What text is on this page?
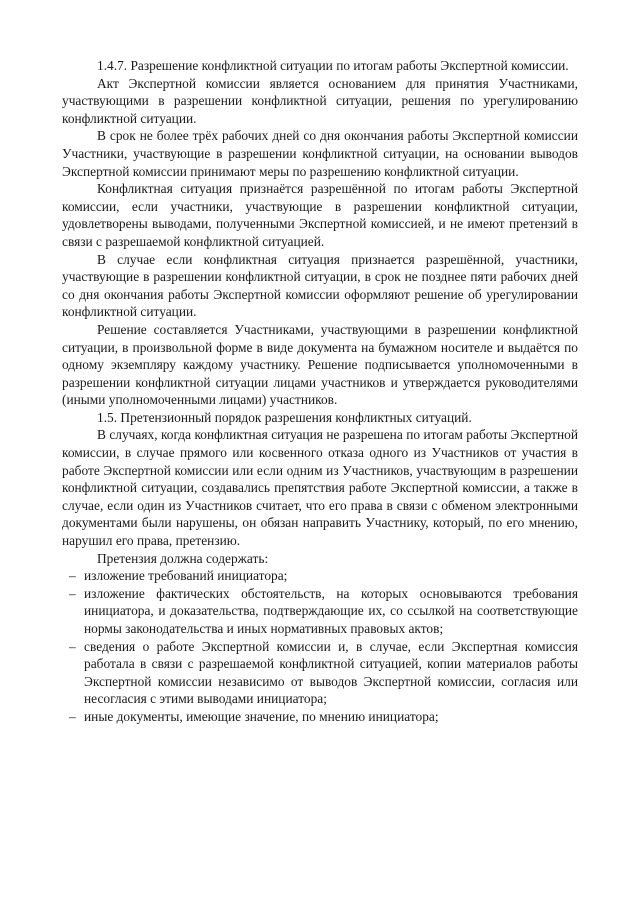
1.4.7. Разрешение конфликтной ситуации по итогам работы Экспертной комиссии.

Акт Экспертной комиссии является основанием для принятия Участниками, участвующими в разрешении конфликтной ситуации, решения по урегулированию конфликтной ситуации.

В срок не более трёх рабочих дней со дня окончания работы Экспертной комиссии Участники, участвующие в разрешении конфликтной ситуации, на основании выводов Экспертной комиссии принимают меры по разрешению конфликтной ситуации.

Конфликтная ситуация признаётся разрешённой по итогам работы Экспертной комиссии, если участники, участвующие в разрешении конфликтной ситуации, удовлетворены выводами, полученными Экспертной комиссией, и не имеют претензий в связи с разрешаемой конфликтной ситуацией.

В случае если конфликтная ситуация признается разрешённой, участники, участвующие в разрешении конфликтной ситуации, в срок не позднее пяти рабочих дней со дня окончания работы Экспертной комиссии оформляют решение об урегулировании конфликтной ситуации.

Решение составляется Участниками, участвующими в разрешении конфликтной ситуации, в произвольной форме в виде документа на бумажном носителе и выдаётся по одному экземпляру каждому участнику. Решение подписывается уполномоченными в разрешении конфликтной ситуации лицами участников и утверждается руководителями (иными уполномоченными лицами) участников.

1.5. Претензионный порядок разрешения конфликтных ситуаций.

В случаях, когда конфликтная ситуация не разрешена по итогам работы Экспертной комиссии, в случае прямого или косвенного отказа одного из Участников от участия в работе Экспертной комиссии или если одним из Участников, участвующим в разрешении конфликтной ситуации, создавались препятствия работе Экспертной комиссии, а также в случае, если один из Участников считает, что его права в связи с обменом электронными документами были нарушены, он обязан направить Участнику, который, по его мнению, нарушил его права, претензию.

Претензия должна содержать:

– изложение требований инициатора;
– изложение фактических обстоятельств, на которых основываются требования инициатора, и доказательства, подтверждающие их, со ссылкой на соответствующие нормы законодательства и иных нормативных правовых актов;
– сведения о работе Экспертной комиссии и, в случае, если Экспертная комиссия работала в связи с разрешаемой конфликтной ситуацией, копии материалов работы Экспертной комиссии независимо от выводов Экспертной комиссии, согласия или несогласия с этими выводами инициатора;
– иные документы, имеющие значение, по мнению инициатора;
